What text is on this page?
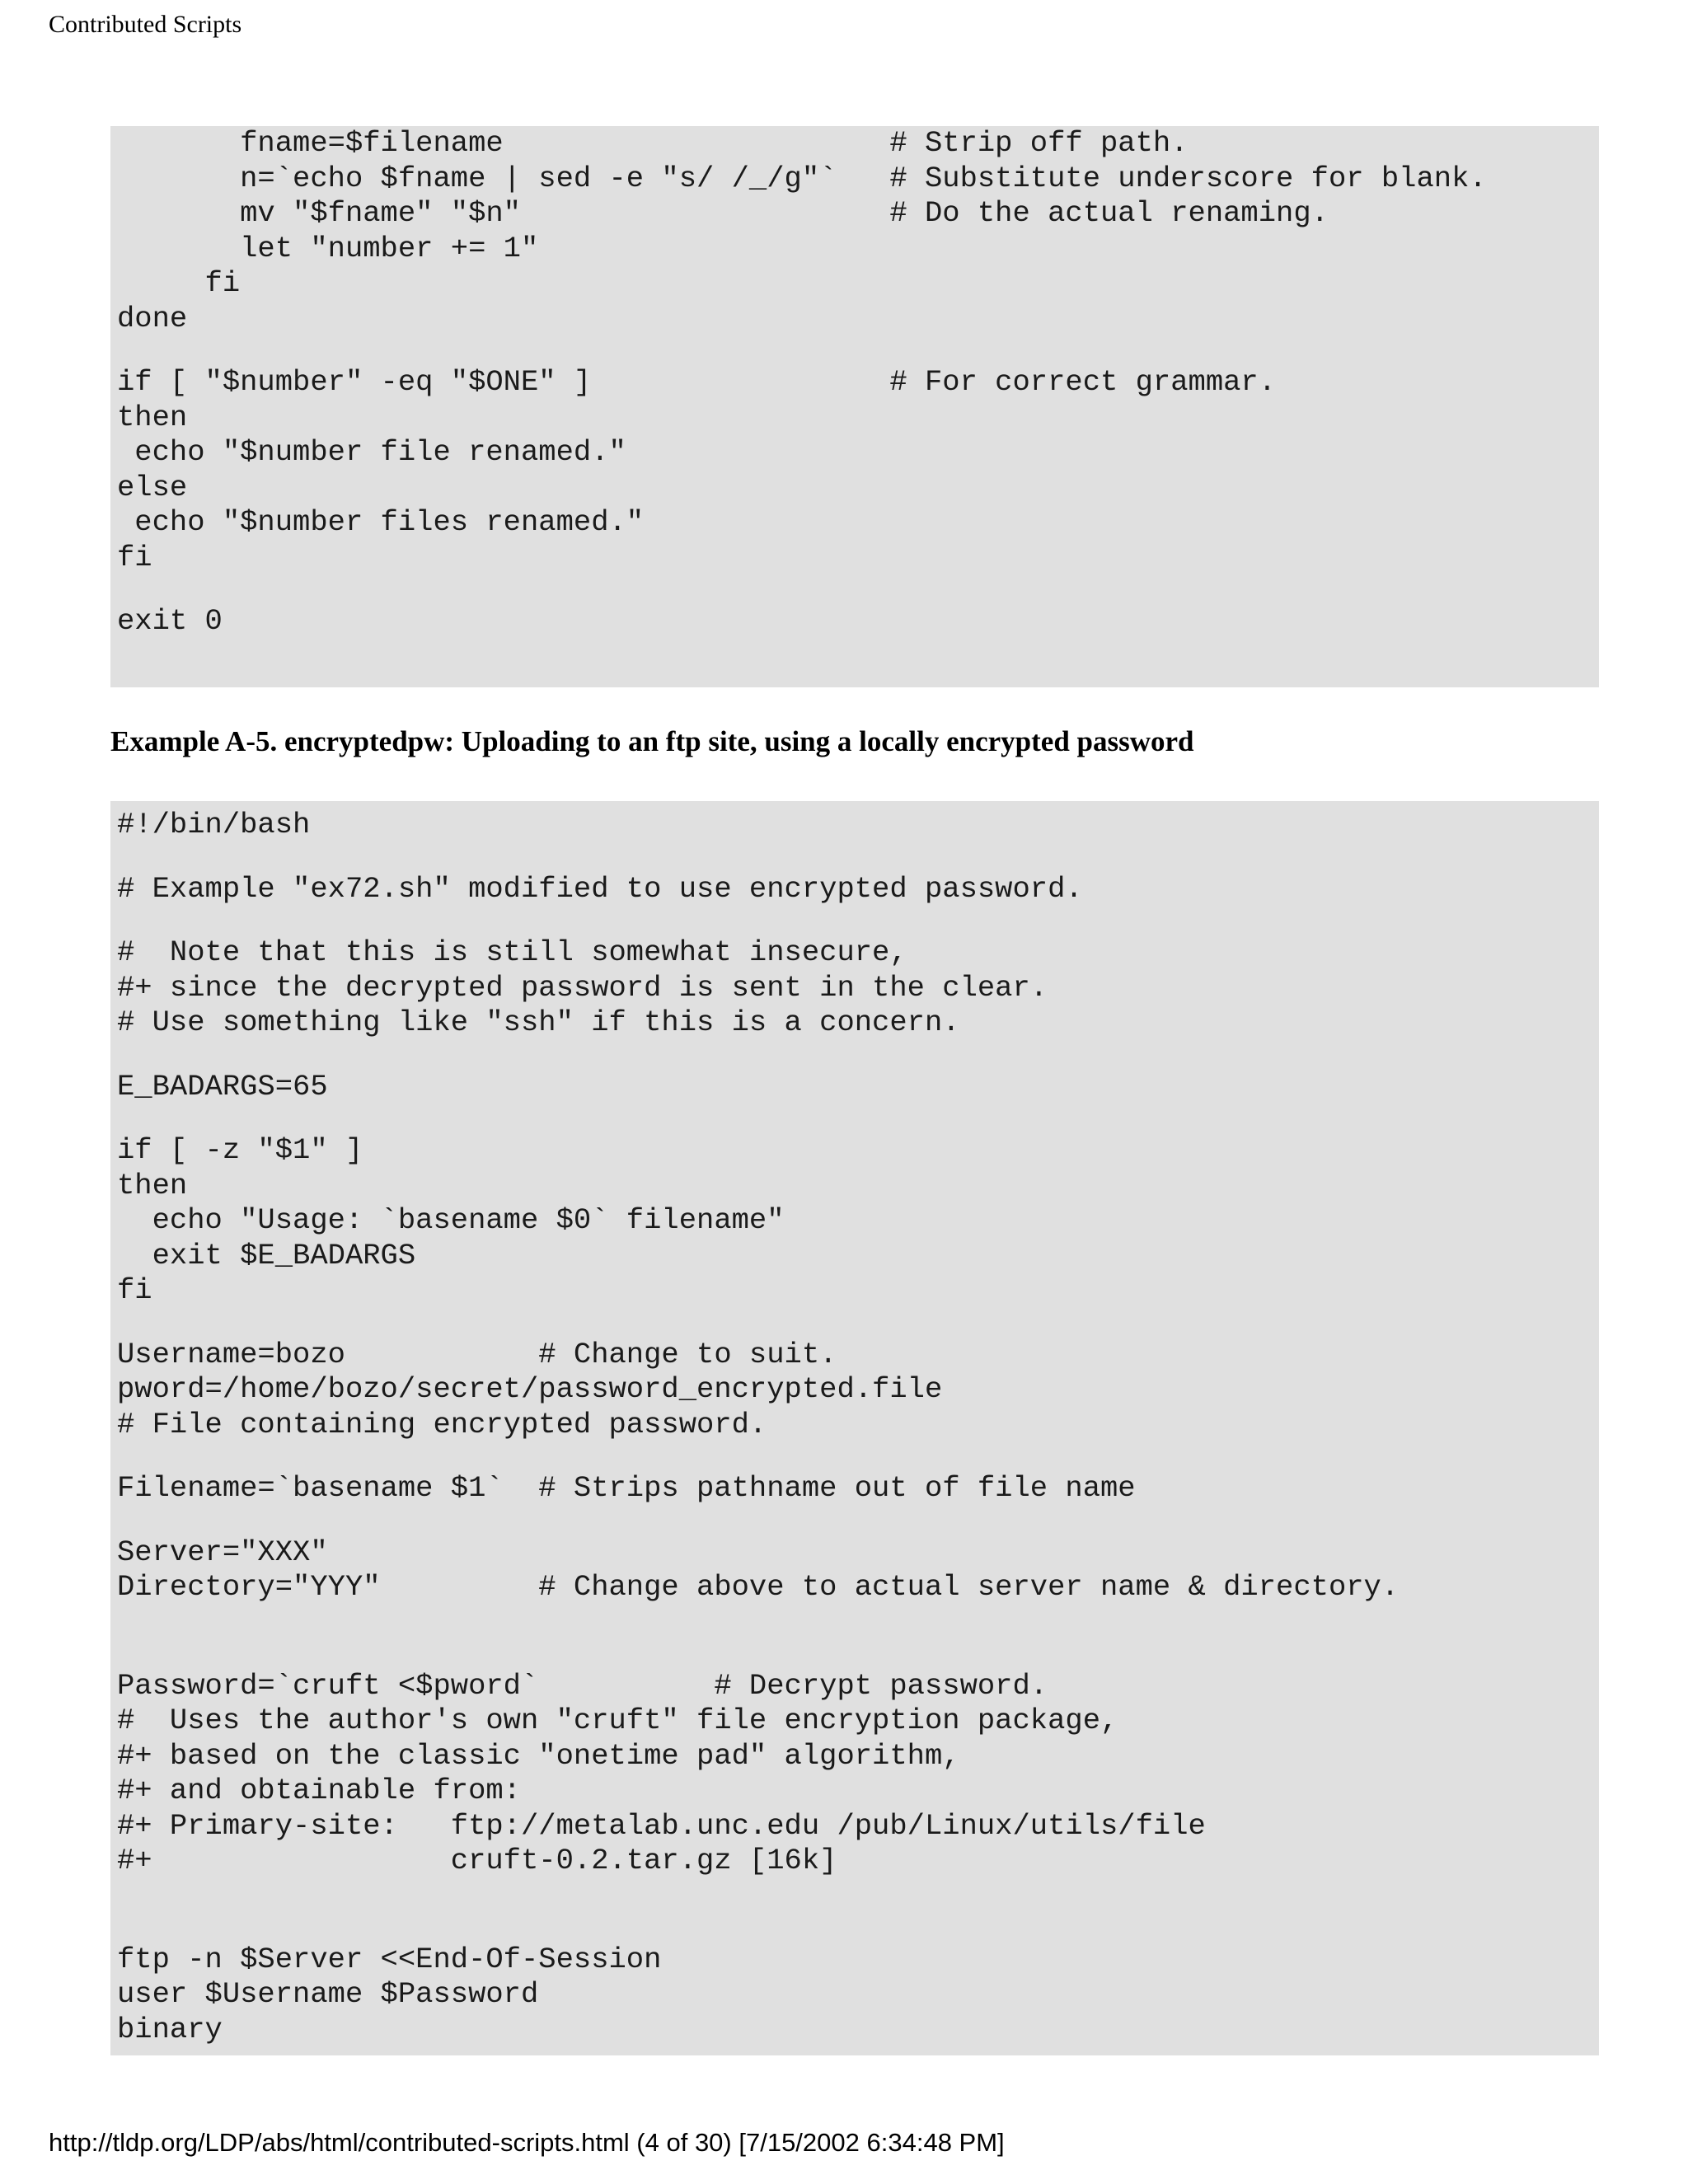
Contributed Scripts
fname=$filename                      # Strip off path.
n=`echo $fname | sed -e "s/ /_/g"`   # Substitute underscore for blank.
mv "$fname" "$n"                     # Do the actual renaming.
let "number += 1"
fi
done
if [ "$number" -eq "$ONE" ]                 # For correct grammar.
then
echo "$number file renamed."
else
echo "$number files renamed."
fi
exit 0
Example A-5. encryptedpw: Uploading to an ftp site, using a locally encrypted password
#!/bin/bash
# Example "ex72.sh" modified to use encrypted password.
#  Note that this is still somewhat insecure,
#+ since the decrypted password is sent in the clear.
# Use something like "ssh" if this is a concern.
E_BADARGS=65
if [ -z "$1" ]
then
echo "Usage: `basename $0` filename"
exit $E_BADARGS
fi
Username=bozo           # Change to suit.
pword=/home/bozo/secret/password_encrypted.file
# File containing encrypted password.
Filename=`basename $1`  # Strips pathname out of file name
Server="XXX"
Directory="YYY"         # Change above to actual server name & directory.
Password=`cruft <$pword`          # Decrypt password.
#  Uses the author's own "cruft" file encryption package,
#+ based on the classic "onetime pad" algorithm,
#+ and obtainable from:
#+ Primary-site:   ftp://metalab.unc.edu /pub/Linux/utils/file
#+                 cruft-0.2.tar.gz [16k]
ftp -n $Server <<End-Of-Session
user $Username $Password
binary
http://tldp.org/LDP/abs/html/contributed-scripts.html (4 of 30) [7/15/2002 6:34:48 PM]
